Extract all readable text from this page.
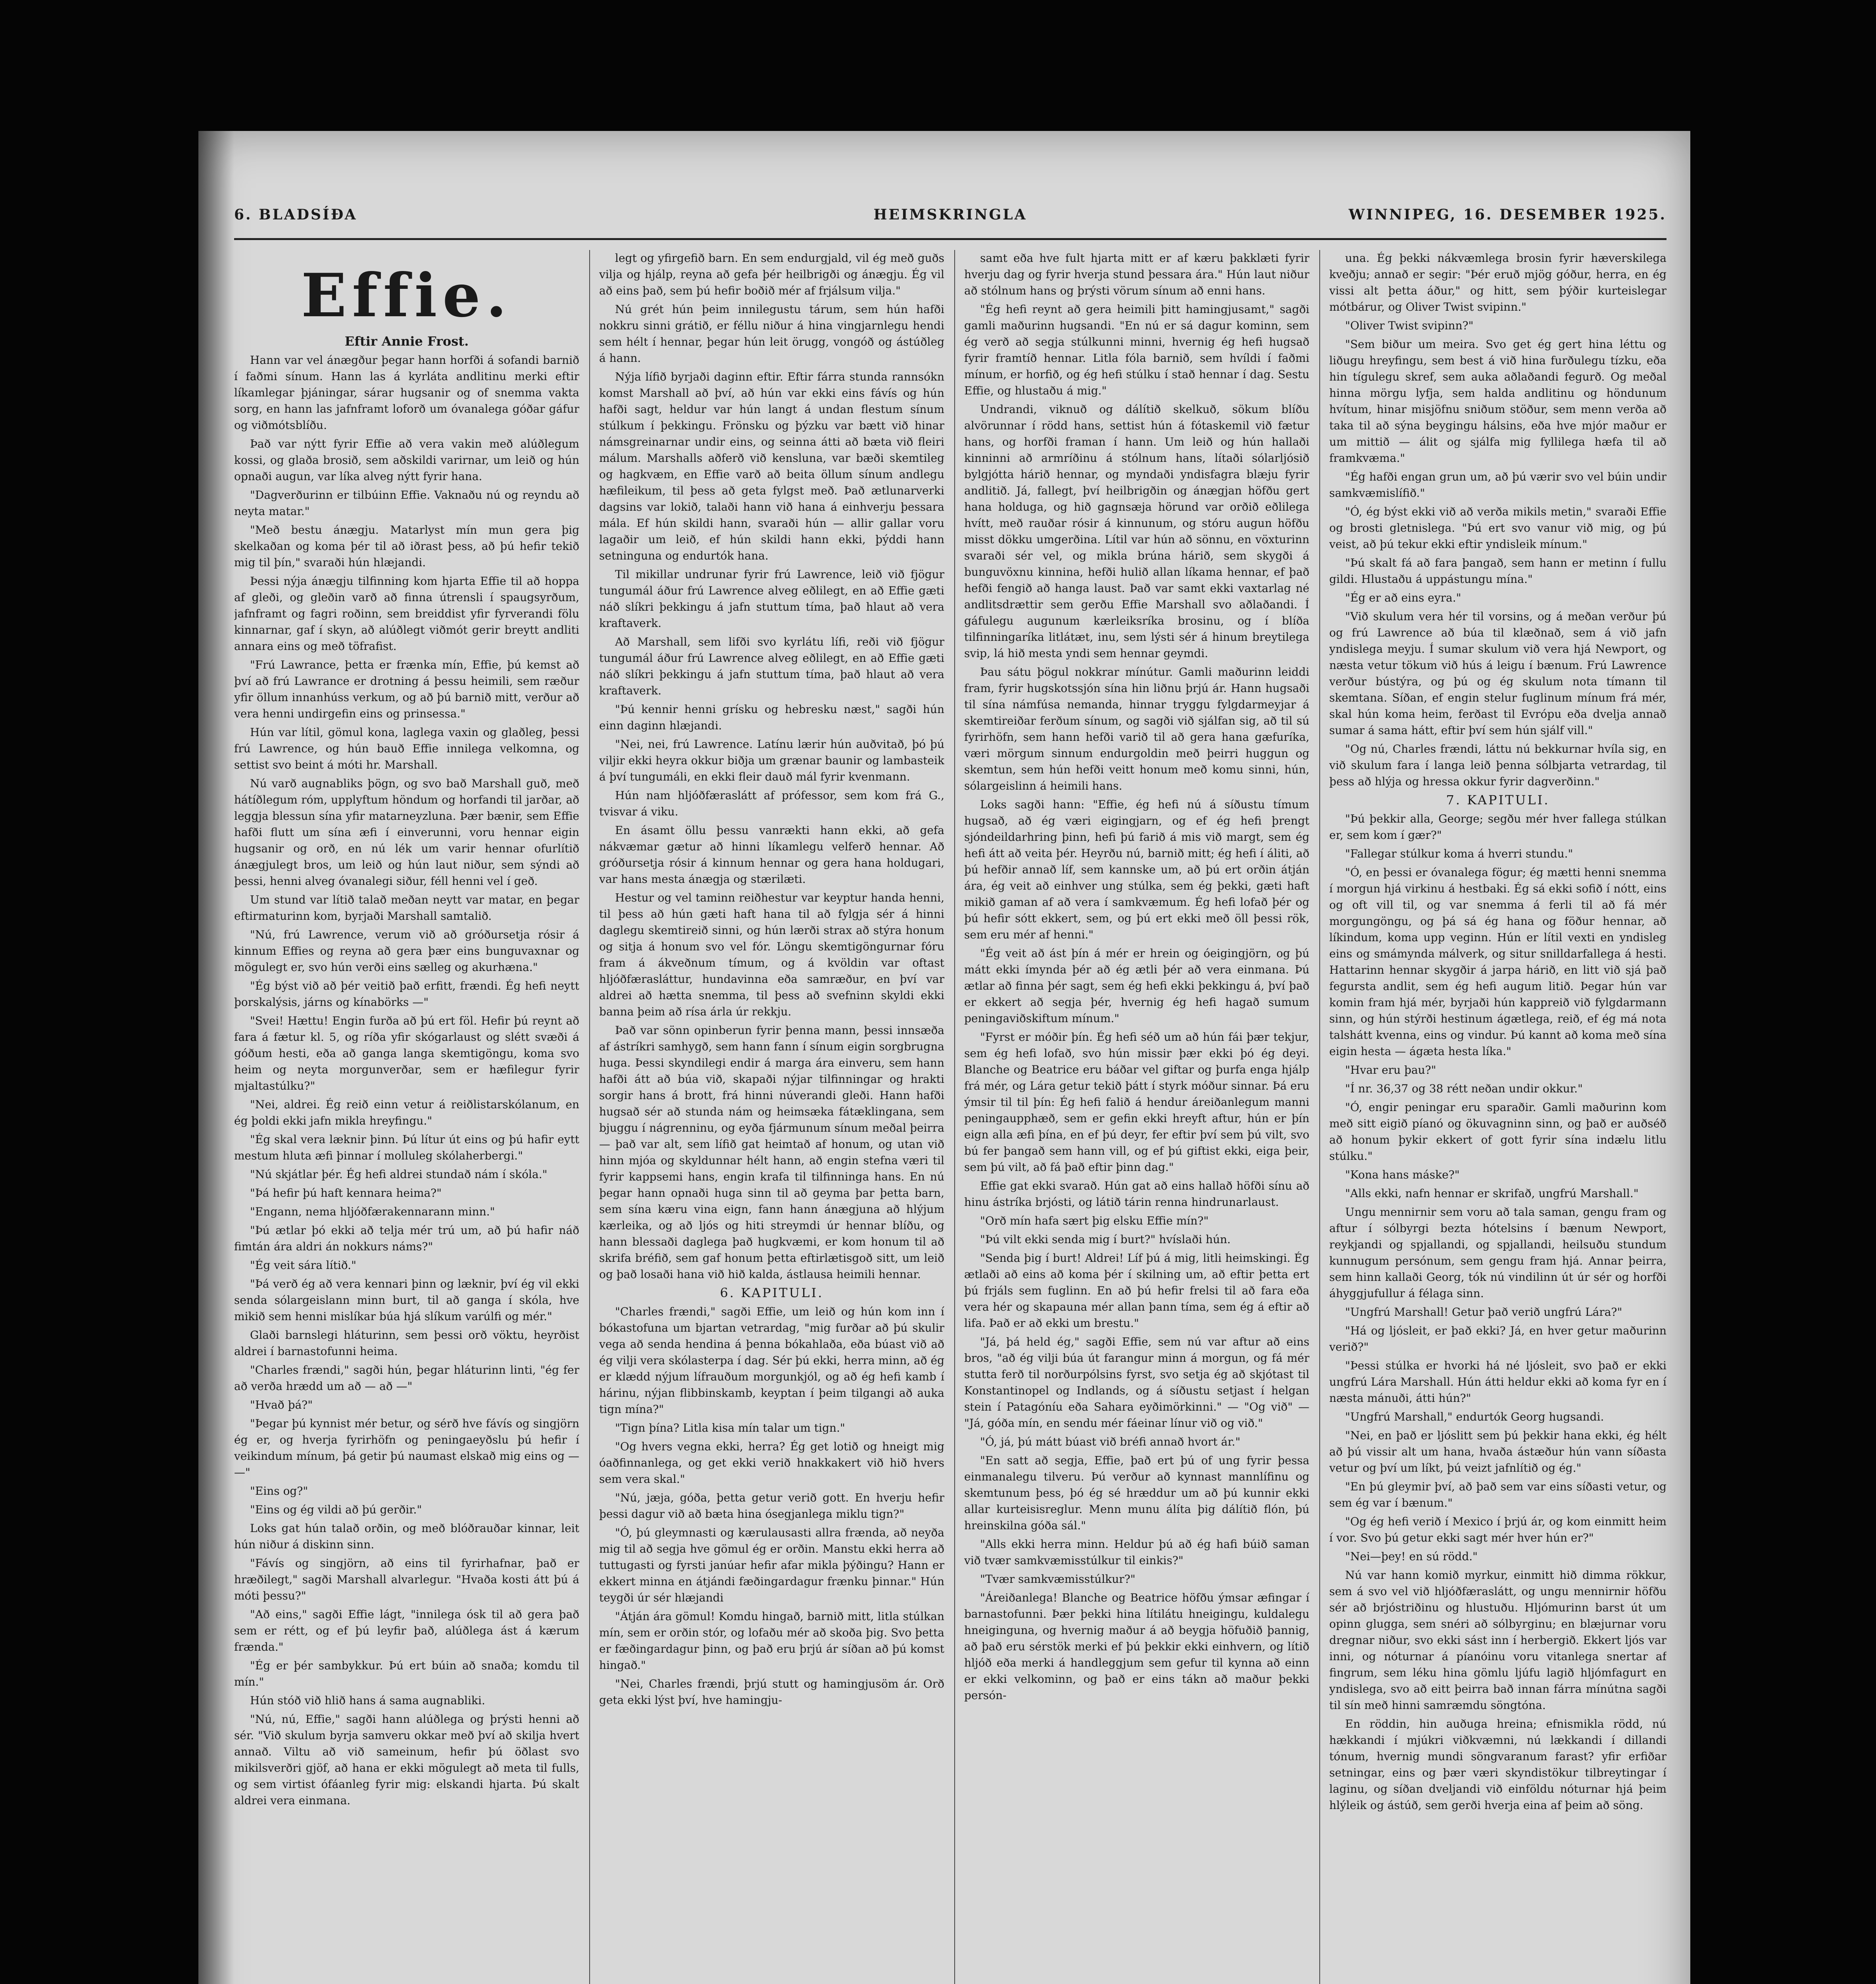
6. BLADSÍÐA	HEIMSKRINGLA	WINNIPEG, 16. DESEMBER 1925.
Effie.

Eftir Annie Frost.

Hann var vel ánægður þegar hann horfði á sofandi barnið í faðmi sínum. Hann las á kyrláta andlitinu merki eftir líkamlegar þjáningar, sárar hugsanir og of snemma vakta sorg, en hann las jafnframt loforð um óvanalega góðar gáfur og viðmótsblíðu.

Það var nýtt fyrir Effie að vera vakin með alúðlegum kossi, og glaða brosið, sem aðskildi varirnar, um leið og hún opnaði augun, var líka alveg nýtt fyrir hana.

"Dagverðurinn er tilbúinn Effie. Vaknaðu nú og reyndu að neyta matar."

"Með bestu ánægju. Matarlyst mín mun gera þig skelkaðan og koma þér til að iðrast þess, að þú hefir tekið mig til þín," svaraði hún hlæjandi.

Þessi nýja ánægju tilfinning kom hjarta Effie til að hoppa af gleði, og gleðin varð að finna útrensli í spaugsyrðum, jafnframt og fagri roðinn, sem breiddist yfir fyrverandi fölu kinnarnar, gaf í skyn, að alúðlegt viðmót gerir breytt andliti annara eins og með töfrafist.

"Frú Lawrance, þetta er frænka mín, Effie, þú kemst að því að frú Lawrance er drotning á þessu heimili, sem ræður yfir öllum innanhúss verkum, og að þú barnið mitt, verður að vera henni undirgefin eins og prinsessa."

Hún var lítil, gömul kona, laglega vaxin og glaðleg, þessi frú Lawrence, og hún bauð Effie innilega velkomna, og settist svo beint á móti hr. Marshall.

Nú varð augnabliks þögn, og svo bað Marshall guð, með hátíðlegum róm, upplyftum höndum og horfandi til jarðar, að leggja blessun sína yfir matarneyzluna. Þær bænir, sem Effie hafði flutt um sína æfi í einverunni, voru hennar eigin hugsanir og orð, en nú lék um varir hennar ofurlítið ánægjulegt bros, um leið og hún laut niður, sem sýndi að þessi, henni alveg óvanalegi siður, féll henni vel í geð.

Um stund var lítið talað meðan neytt var matar, en þegar eftirmaturinn kom, byrjaði Marshall samtalið.

"Nú, frú Lawrence, verum við að gróðursetja rósir á kinnum Effies og reyna að gera þær eins bunguvaxnar og mögulegt er, svo hún verði eins sælleg og akurhæna."

"Ég býst við að þér veitið það erfitt, frændi. Ég hefi neytt þorskalýsis, járns og kínabörks —"

"Svei! Hættu! Engin furða að þú ert föl. Hefir þú reynt að fara á fætur kl. 5, og ríða yfir skógarlaust og slétt svæði á góðum hesti, eða að ganga langa skemtigöngu, koma svo heim og neyta morgunverðar, sem er hæfilegur fyrir mjaltastúlku?"

"Nei, aldrei. Ég reið einn vetur á reiðlistarskólanum, en ég þoldi ekki jafn mikla hreyfingu."

"Ég skal vera læknir þinn. Þú lítur út eins og þú hafir eytt mestum hluta æfi þinnar í molluleg skólaherbergi."

"Nú skjátlar þér. Ég hefi aldrei stundað nám í skóla."

"Þá hefir þú haft kennara heima?"

"Engann, nema hljóðfærakennarann minn."

"Þú ætlar þó ekki að telja mér trú um, að þú hafir náð fimtán ára aldri án nokkurs náms?"

"Ég veit sára lítið."

"Þá verð ég að vera kennari þinn og læknir, því ég vil ekki senda sólargeislann minn burt, til að ganga í skóla, hve mikið sem henni mislíkar búa hjá slíkum varúlfi og mér."

Glaði barnslegi hláturinn, sem þessi orð vöktu, heyrðist aldrei í barnastofunni heima.

"Charles frændi," sagði hún, þegar hláturinn linti, "ég fer að verða hrædd um að — að —"

"Hvað þá?"

"Þegar þú kynnist mér betur, og sérð hve fávís og singjörn ég er, og hverja fyrirhöfn og peningaeyðslu þú hefir í veikindum mínum, þá getir þú naumast elskað mig eins og — —"

"Eins og?"

"Eins og ég vildi að þú gerðir."

Loks gat hún talað orðin, og með blóðrauðar kinnar, leit hún niður á diskinn sinn.

"Fávís og singjörn, að eins til fyrirhafnar, það er hræðilegt," sagði Marshall alvarlegur. "Hvaða kosti átt þú á móti þessu?"

"Að eins," sagði Effie lágt, "innilega ósk til að gera það sem er rétt, og ef þú leyfir það, alúðlega ást á kærum frænda."

"Ég er þér sambykkur. Þú ert búin að snaða; komdu til mín."

Hún stóð við hlið hans á sama augnabliki.

"Nú, nú, Effie," sagði hann alúðlega og þrýsti henni að sér. "Við skulum byrja samveru okkar með því að skilja hvert annað. Viltu að við sameinum, hefir þú öðlast svo mikilsverðri gjöf, að hana er ekki mögulegt að meta til fulls, og sem virtist ófáanleg fyrir mig: elskandi hjarta. Þú skalt aldrei vera einmana.

legt og yfirgefið barn. En sem endurgjald, vil ég með guðs vilja og hjálp, reyna að gefa þér heilbrigði og ánægju. Ég vil að eins það, sem þú hefir boðið mér af frjálsum vilja."

Nú grét hún þeim innilegustu tárum, sem hún hafði nokkru sinni grátið, er féllu niður á hina vingjarnlegu hendi sem hélt í hennar, þegar hún leit örugg, vongóð og ástúðleg á hann.

Nýja lífið byrjaði daginn eftir. Eftir fárra stunda rannsókn komst Marshall að því, að hún var ekki eins fávís og hún hafði sagt, heldur var hún langt á undan flestum sínum stúlkum í þekkingu. Frönsku og þýzku var bætt við hinar námsgreinarnar undir eins, og seinna átti að bæta við fleiri málum. Marshalls aðferð við kensluna, var bæði skemtileg og hagkvæm, en Effie varð að beita öllum sínum andlegu hæfileikum, til þess að geta fylgst með. Það ætlunarverki dagsins var lokið, talaði hann við hana á einhverju þessara mála. Ef hún skildi hann, svaraði hún — allir gallar voru lagaðir um leið, ef hún skildi hann ekki, þýddi hann setninguna og endurtók hana.

Til mikillar undrunar fyrir frú Lawrence, leið við fjögur tungumál áður frú Lawrence alveg eðlilegt, en að Effie gæti náð slíkri þekkingu á jafn stuttum tíma, það hlaut að vera kraftaverk.

Að Marshall, sem lifði svo kyrlátu lífi, reði við fjögur tungumál áður frú Lawrence alveg eðlilegt, en að Effie gæti náð slíkri þekkingu á jafn stuttum tíma, það hlaut að vera kraftaverk.

"Þú kennir henni grísku og hebresku næst," sagði hún einn daginn hlæjandi.

"Nei, nei, frú Lawrence. Latínu lærir hún auðvitað, þó þú viljir ekki heyra okkur biðja um grænar baunir og lambasteik á því tungumáli, en ekki fleir dauð mál fyrir kvenmann.

Hún nam hljóðfæraslátt af prófessor, sem kom frá G., tvisvar á viku.

En ásamt öllu þessu vanrækti hann ekki, að gefa nákvæmar gætur að hinni líkamlegu velferð hennar. Að gróðursetja rósir á kinnum hennar og gera hana holdugari, var hans mesta ánægja og stærilæti.

Hestur og vel taminn reiðhestur var keyptur handa henni, til þess að hún gæti haft hana til að fylgja sér á hinni daglegu skemtireið sinni, og hún lærði strax að stýra honum og sitja á honum svo vel fór. Löngu skemtigöngurnar fóru fram á ákveðnum tímum, og á kvöldin var oftast hljóðfærasláttur, hundavinna eða samræður, en því var aldrei að hætta snemma, til þess að svefninn skyldi ekki banna þeim að rísa árla úr rekkju.

Það var sönn opinberun fyrir þenna mann, þessi innsæða af ástríkri samhygð, sem hann fann í sínum eigin sorgbrugna huga. Þessi skyndilegi endir á marga ára einveru, sem hann hafði átt að búa við, skapaði nýjar tilfinningar og hrakti sorgir hans á brott, frá hinni núverandi gleði. Hann hafði hugsað sér að stunda nám og heimsæka fátæklingana, sem bjuggu í nágrenninu, og eyða fjármunum sínum meðal þeirra — það var alt, sem lífið gat heimtað af honum, og utan við hinn mjóa og skyldunnar hélt hann, að engin stefna væri til fyrir kappsemi hans, engin krafa til tilfinninga hans. En nú þegar hann opnaði huga sinn til að geyma þar þetta barn, sem sína kæru vina eign, fann hann ánægjuna að hlýjum kærleika, og að ljós og hiti streymdi úr hennar blíðu, og hann blessaði daglega það hugkvæmi, er kom honum til að skrifa bréfið, sem gaf honum þetta eftirlætisgoð sitt, um leið og það losaði hana við hið kalda, ástlausa heimili hennar.

6. KAPITULI.

"Charles frændi," sagði Effie, um leið og hún kom inn í bókastofuna um bjartan vetrardag, "mig furðar að þú skulir vega að senda hendina á þenna bókahlaða, eða búast við að ég vilji vera skólasterpa í dag. Sér þú ekki, herra minn, að ég er klædd nýjum lífrauðum morgunkjól, og að ég hefi kamb í hárinu, nýjan flibbinskamb, keyptan í þeim tilgangi að auka tign mína?"

"Tign þína? Litla kisa mín talar um tign."

"Og hvers vegna ekki, herra? Ég get lotið og hneigt mig óaðfinnanlega, og get ekki verið hnakkakert við hið hvers sem vera skal."

"Nú, jæja, góða, þetta getur verið gott. En hverju hefir þessi dagur við að bæta hina ósegjanlega miklu tign?"

"Ó, þú gleymnasti og kærulausasti allra frænda, að neyða mig til að segja hve gömul ég er orðin. Manstu ekki herra að tuttugasti og fyrsti janúar hefir afar mikla þýðingu? Hann er ekkert minna en átjándi fæðingardagur frænku þinnar." Hún teygði úr sér hlæjandi

"Átján ára gömul! Komdu hingað, barnið mitt, litla stúlkan mín, sem er orðin stór, og lofaðu mér að skoða þig. Svo þetta er fæðingardagur þinn, og það eru þrjú ár síðan að þú komst hingað."

"Nei, Charles frændi, þrjú stutt og hamingjusöm ár. Orð geta ekki lýst því, hve hamingju-

samt eða hve fult hjarta mitt er af kæru þakklæti fyrir hverju dag og fyrir hverja stund þessara ára." Hún laut niður að stólnum hans og þrýsti vörum sínum að enni hans.

"Ég hefi reynt að gera heimili þitt hamingjusamt," sagði gamli maðurinn hugsandi. "En nú er sá dagur kominn, sem ég verð að segja stúlkunni minni, hvernig ég hefi hugsað fyrir framtíð hennar. Litla fóla barnið, sem hvíldi í faðmi mínum, er horfið, og ég hefi stúlku í stað hennar í dag. Sestu Effie, og hlustaðu á mig."

Undrandi, viknuð og dálítið skelkuð, sökum blíðu alvörunnar í rödd hans, settist hún á fótaskemil við fætur hans, og horfði framan í hann. Um leið og hún hallaði kinninni að armríðinu á stólnum hans, lítaði sólarljósið bylgjótta hárið hennar, og myndaði yndisfagra blæju fyrir andlitið. Já, fallegt, því heilbrigðin og ánægjan höfðu gert hana holduga, og hið gagnsæja hörund var orðið eðlilega hvítt, með rauðar rósir á kinnunum, og stóru augun höfðu misst dökku umgerðina. Lítil var hún að sönnu, en vöxturinn svaraði sér vel, og mikla brúna hárið, sem skygði á bunguvöxnu kinnina, hefði hulið allan líkama hennar, ef það hefði fengið að hanga laust. Það var samt ekki vaxtarlag né andlitsdrættir sem gerðu Effie Marshall svo aðlaðandi. Í gáfulegu augunum kærleiksríka brosinu, og í blíða tilfinningaríka litlátæt, inu, sem lýsti sér á hinum breytilega svip, lá hið mesta yndi sem hennar geymdi.

Þau sátu þögul nokkrar mínútur. Gamli maðurinn leiddi fram, fyrir hugskotssjón sína hin liðnu þrjú ár. Hann hugsaði til sína námfúsa nemanda, hinnar tryggu fylgdarmeyjar á skemtireiðar ferðum sínum, og sagði við sjálfan sig, að til sú fyrirhöfn, sem hann hefði varið til að gera hana gæfuríka, væri mörgum sinnum endurgoldin með þeirri huggun og skemtun, sem hún hefði veitt honum með komu sinni, hún, sólargeislinn á heimili hans.

Loks sagði hann: "Effie, ég hefi nú á síðustu tímum hugsað, að ég væri eigingjarn, og ef ég hefi þrengt sjóndeildarhring þinn, hefi þú farið á mis við margt, sem ég hefi átt að veita þér. Heyrðu nú, barnið mitt; ég hefi í áliti, að þú hefðir annað líf, sem kannske um, að þú ert orðin átján ára, ég veit að einhver ung stúlka, sem ég þekki, gæti haft mikið gaman af að vera í samkvæmum. Ég hefi lofað þér og þú hefir sótt ekkert, sem, og þú ert ekki með öll þessi rök, sem eru mér af henni."

"Ég veit að ást þín á mér er hrein og óeigingjörn, og þú mátt ekki ímynda þér að ég ætli þér að vera einmana. Þú ætlar að finna þér sagt, sem ég hefi ekki þekkingu á, því það er ekkert að segja þér, hvernig ég hefi hagað sumum peningaviðskiftum mínum."

"Fyrst er móðir þín. Ég hefi séð um að hún fái þær tekjur, sem ég hefi lofað, svo hún missir þær ekki þó ég deyi. Blanche og Beatrice eru báðar vel giftar og þurfa enga hjálp frá mér, og Lára getur tekið þátt í styrk móður sinnar. Þá eru ýmsir til til þín: Ég hefi falið á hendur áreiðanlegum manni peningaupphæð, sem er gefin ekki hreyft aftur, hún er þín eign alla æfi þína, en ef þú deyr, fer eftir því sem þú vilt, svo bú fer þangað sem hann vill, og ef þú giftist ekki, eiga þeir, sem þú vilt, að fá það eftir þinn dag."

Effie gat ekki svarað. Hún gat að eins hallað höfði sínu að hinu ástríka brjósti, og látið tárin renna hindrunarlaust.

"Orð mín hafa sært þig elsku Effie mín?"

"Þú vilt ekki senda mig í burt?" hvíslaði hún.

"Senda þig í burt! Aldrei! Líf þú á mig, litli heimskingi. Ég ætlaði að eins að koma þér í skilning um, að eftir þetta ert þú frjáls sem fuglinn. En að þú hefir frelsi til að fara eða vera hér og skapauna mér allan þann tíma, sem ég á eftir að lifa. Það er að ekki um brestu."

"Já, þá held ég," sagði Effie, sem nú var aftur að eins bros, "að ég vilji búa út farangur minn á morgun, og fá mér stutta ferð til norðurpólsins fyrst, svo setja ég að skjótast til Konstantinopel og Indlands, og á síðustu setjast í helgan stein í Patagóníu eða Sahara eyðimörkinni." — "Og við" — "Já, góða mín, en sendu mér fáeinar línur við og við."

"Ó, já, þú mátt búast við bréfi annað hvort ár."

"En satt að segja, Effie, það ert þú of ung fyrir þessa einmanalegu tilveru. Þú verður að kynnast mannlífinu og skemtunum þess, þó ég sé hræddur um að þú kunnir ekki allar kurteisisreglur. Menn munu álíta þig dálítið flón, þú hreinskilna góða sál."

"Alls ekki herra minn. Heldur þú að ég hafi búið saman við tvær samkvæmisstúlkur til einkis?"

"Tvær samkvæmisstúlkur?"

"Áreiðanlega! Blanche og Beatrice höfðu ýmsar æfingar í barnastofunni. Þær þekki hina lítilátu hneigingu, kuldalegu hneiginguna, og hvernig maður á að beygja höfuðið þannig, að það eru sérstök merki ef þú þekkir ekki einhvern, og lítið hljóð eða merki á handleggjum sem gefur til kynna að einn er ekki velkominn, og það er eins tákn að maður þekki persón-

una. Ég þekki nákvæmlega brosin fyrir hæverskilega kveðju; annað er segir: "Þér eruð mjög góður, herra, en ég vissi alt þetta áður," og hitt, sem þýðir kurteislegar mótbárur, og Oliver Twist svipinn."

"Oliver Twist svipinn?"

"Sem biður um meira. Svo get ég gert hina léttu og liðugu hreyfingu, sem best á við hina furðulegu tízku, eða hin tígulegu skref, sem auka aðlaðandi fegurð. Og meðal hinna mörgu lyfja, sem halda andlitinu og höndunum hvítum, hinar misjöfnu sniðum stöður, sem menn verða að taka til að sýna beygingu hálsins, eða hve mjór maður er um mittið — álit og sjálfa mig fyllilega hæfa til að framkvæma."

"Ég hafði engan grun um, að þú værir svo vel búin undir samkvæmislífið."

"Ó, ég býst ekki við að verða mikils metin," svaraði Effie og brosti gletnislega. "Þú ert svo vanur við mig, og þú veist, að þú tekur ekki eftir yndisleik mínum."

"Þú skalt fá að fara þangað, sem hann er metinn í fullu gildi. Hlustaðu á uppástungu mína."

"Ég er að eins eyra."

"Við skulum vera hér til vorsins, og á meðan verður þú og frú Lawrence að búa til klæðnað, sem á við jafn yndislega meyju. Í sumar skulum við vera hjá Newport, og næsta vetur tökum við hús á leigu í bænum. Frú Lawrence verður bústýra, og þú og ég skulum nota tímann til skemtana. Síðan, ef engin stelur fuglinum mínum frá mér, skal hún koma heim, ferðast til Evrópu eða dvelja annað sumar á sama hátt, eftir því sem hún sjálf vill."

"Og nú, Charles frændi, láttu nú bekkurnar hvíla sig, en við skulum fara í langa leið þenna sólbjarta vetrardag, til þess að hlýja og hressa okkur fyrir dagverðinn."

7. KAPITULI.

"Þú þekkir alla, George; segðu mér hver fallega stúlkan er, sem kom í gær?"

"Fallegar stúlkur koma á hverri stundu."

"Ó, en þessi er óvanalega fögur; ég mætti henni snemma í morgun hjá virkinu á hestbaki. Ég sá ekki sofið í nótt, eins og oft vill til, og var snemma á ferli til að fá mér morgungöngu, og þá sá ég hana og föður hennar, að líkindum, koma upp veginn. Hún er lítil vexti en yndisleg eins og smámynda málverk, og situr snilldarfallega á hesti. Hattarinn hennar skygðir á jarpa hárið, en litt við sjá það fegursta andlit, sem ég hefi augum litið. Þegar hún var komin fram hjá mér, byrjaði hún kappreið við fylgdarmann sinn, og hún stýrði hestinum ágætlega, reið, ef ég má nota talshátt kvenna, eins og vindur. Þú kannt að koma með sína eigin hesta — ágæta hesta líka."

"Hvar eru þau?"

"Í nr. 36,37 og 38 rétt neðan undir okkur."

"Ó, engir peningar eru sparaðir. Gamli maðurinn kom með sitt eigið píanó og ökuvagninn sinn, og það er auðséð að honum þykir ekkert of gott fyrir sína indælu litlu stúlku."

"Kona hans máske?"

"Alls ekki, nafn hennar er skrifað, ungfrú Marshall."

Ungu mennirnir sem voru að tala saman, gengu fram og aftur í sólbyrgi bezta hótelsins í bænum Newport, reykjandi og spjallandi, og spjallandi, heilsuðu stundum kunnugum persónum, sem gengu fram hjá. Annar þeirra, sem hinn kallaði Georg, tók nú vindilinn út úr sér og horfði áhyggjufullur á félaga sinn.

"Ungfrú Marshall! Getur það verið ungfrú Lára?"

"Há og ljósleit, er það ekki? Já, en hver getur maðurinn verið?"

"Þessi stúlka er hvorki há né ljósleit, svo það er ekki ungfrú Lára Marshall. Hún átti heldur ekki að koma fyr en í næsta mánuði, átti hún?"

"Ungfrú Marshall," endurtók Georg hugsandi.

"Nei, en það er ljóslitt sem þú þekkir hana ekki, ég hélt að þú vissir alt um hana, hvaða ástæður hún vann síðasta vetur og því um líkt, þú veizt jafnlítið og ég."

"En þú gleymir því, að það sem var eins síðasti vetur, og sem ég var í bænum."

"Og ég hefi verið í Mexico í þrjú ár, og kom einmitt heim í vor. Svo þú getur ekki sagt mér hver hún er?"

"Nei—þey! en sú rödd."

Nú var hann komið myrkur, einmitt hið dimma rökkur, sem á svo vel við hljóðfæraslátt, og ungu mennirnir höfðu sér að brjóstriðinu og hlustuðu. Hljómurinn barst út um opinn glugga, sem snéri að sólbyrginu; en blæjurnar voru dregnar niður, svo ekki sást inn í herbergið. Ekkert ljós var inni, og nóturnar á píanóinu voru vitanlega snertar af fingrum, sem léku hina gömlu ljúfu lagið hljómfagurt en yndislega, svo að eitt þeirra bað innan fárra mínútna sagði til sín með hinni samræmdu söngtóna.

En röddin, hin auðuga hreina; efnismikla rödd, nú hækkandi í mjúkri viðkvæmni, nú lækkandi í dillandi tónum, hvernig mundi söngvaranum farast? yfir erfiðar setningar, eins og þær væri skyndistökur tilbreytingar í laginu, og síðan dveljandi við einföldu nóturnar hjá þeim hlýleik og ástúð, sem gerði hverja eina af þeim að söng.
